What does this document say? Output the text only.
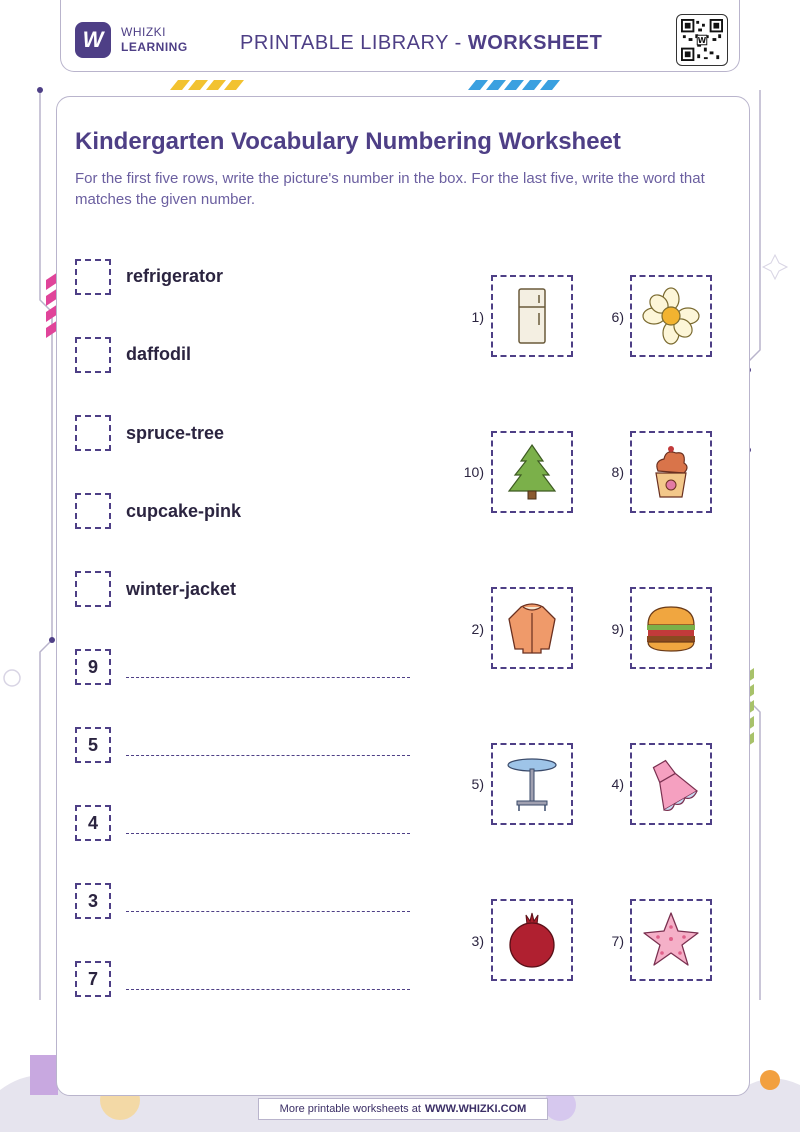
W	WHIZKI
LEARNING	PRINTABLE LIBRARY - WORKSHEET	W
Kindergarten Vocabulary Numbering Worksheet
For the first five rows, write the picture's number in the box. For the last five, write the word that matches the given number.
refrigerator
daffodil
spruce-tree
cupcake-pink
winter-jacket
9
5
4
3
7
1)	6)
10)	8)
2)	9)
5)	4)
3)	7)
More printable worksheets at WWW.WHIZKI.COM
